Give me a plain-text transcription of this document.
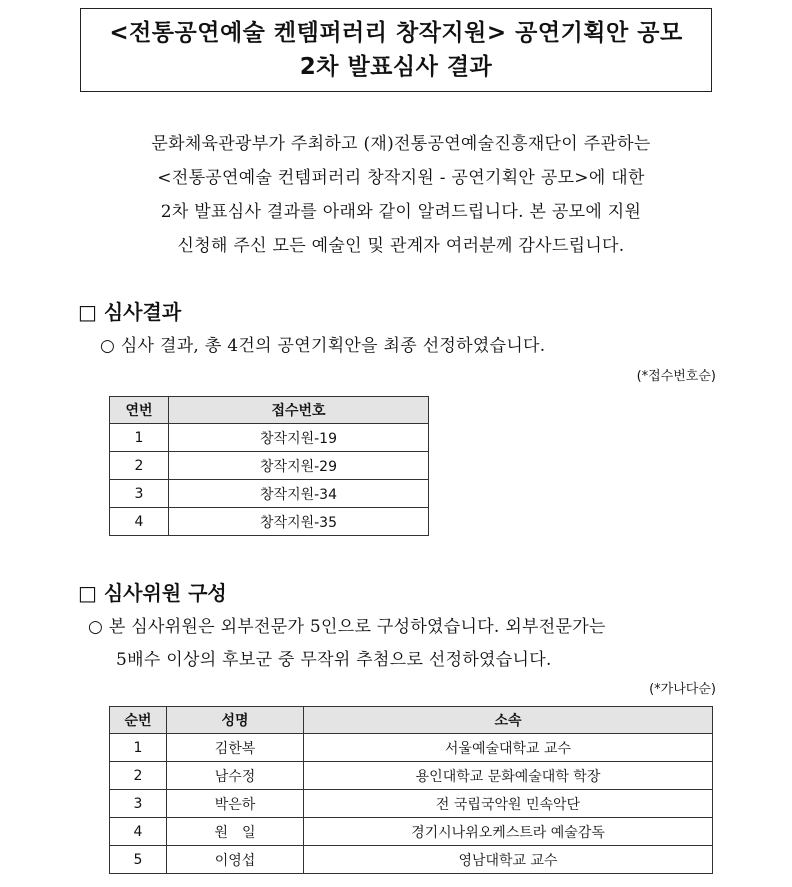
<전통공연예술 켄템퍼러리 창작지원> 공연기획안 공모
2차 발표심사 결과

문화체육관광부가 주최하고 (재)전통공연예술진흥재단이 주관하는

<전통공연예술 컨템퍼러리 창작지원 - 공연기획안 공모>에 대한

2차 발표심사 결과를 아래와 같이 알려드립니다. 본 공모에 지원

신청해 주신 모든 예술인 및 관계자 여러분께 감사드립니다.

□ 심사결과
○ 심사 결과, 총 4건의 공연기획안을 최종 선정하였습니다.
(*접수번호순)
연번	접수번호
1	창작지원-19
2	창작지원-29
3	창작지원-34
4	창작지원-35
□ 심사위원 구성
○ 본 심사위원은 외부전문가 5인으로 구성하였습니다. 외부전문가는
5배수 이상의 후보군 중 무작위 추첨으로 선정하였습니다.
(*가나다순)
순번	성명	소속
1	김한복	서울예술대학교 교수
2	남수정	용인대학교 문화예술대학 학장
3	박은하	전 국립국악원 민속악단
4	원　일	경기시나위오케스트라 예술감독
5	이영섭	영남대학교 교수
